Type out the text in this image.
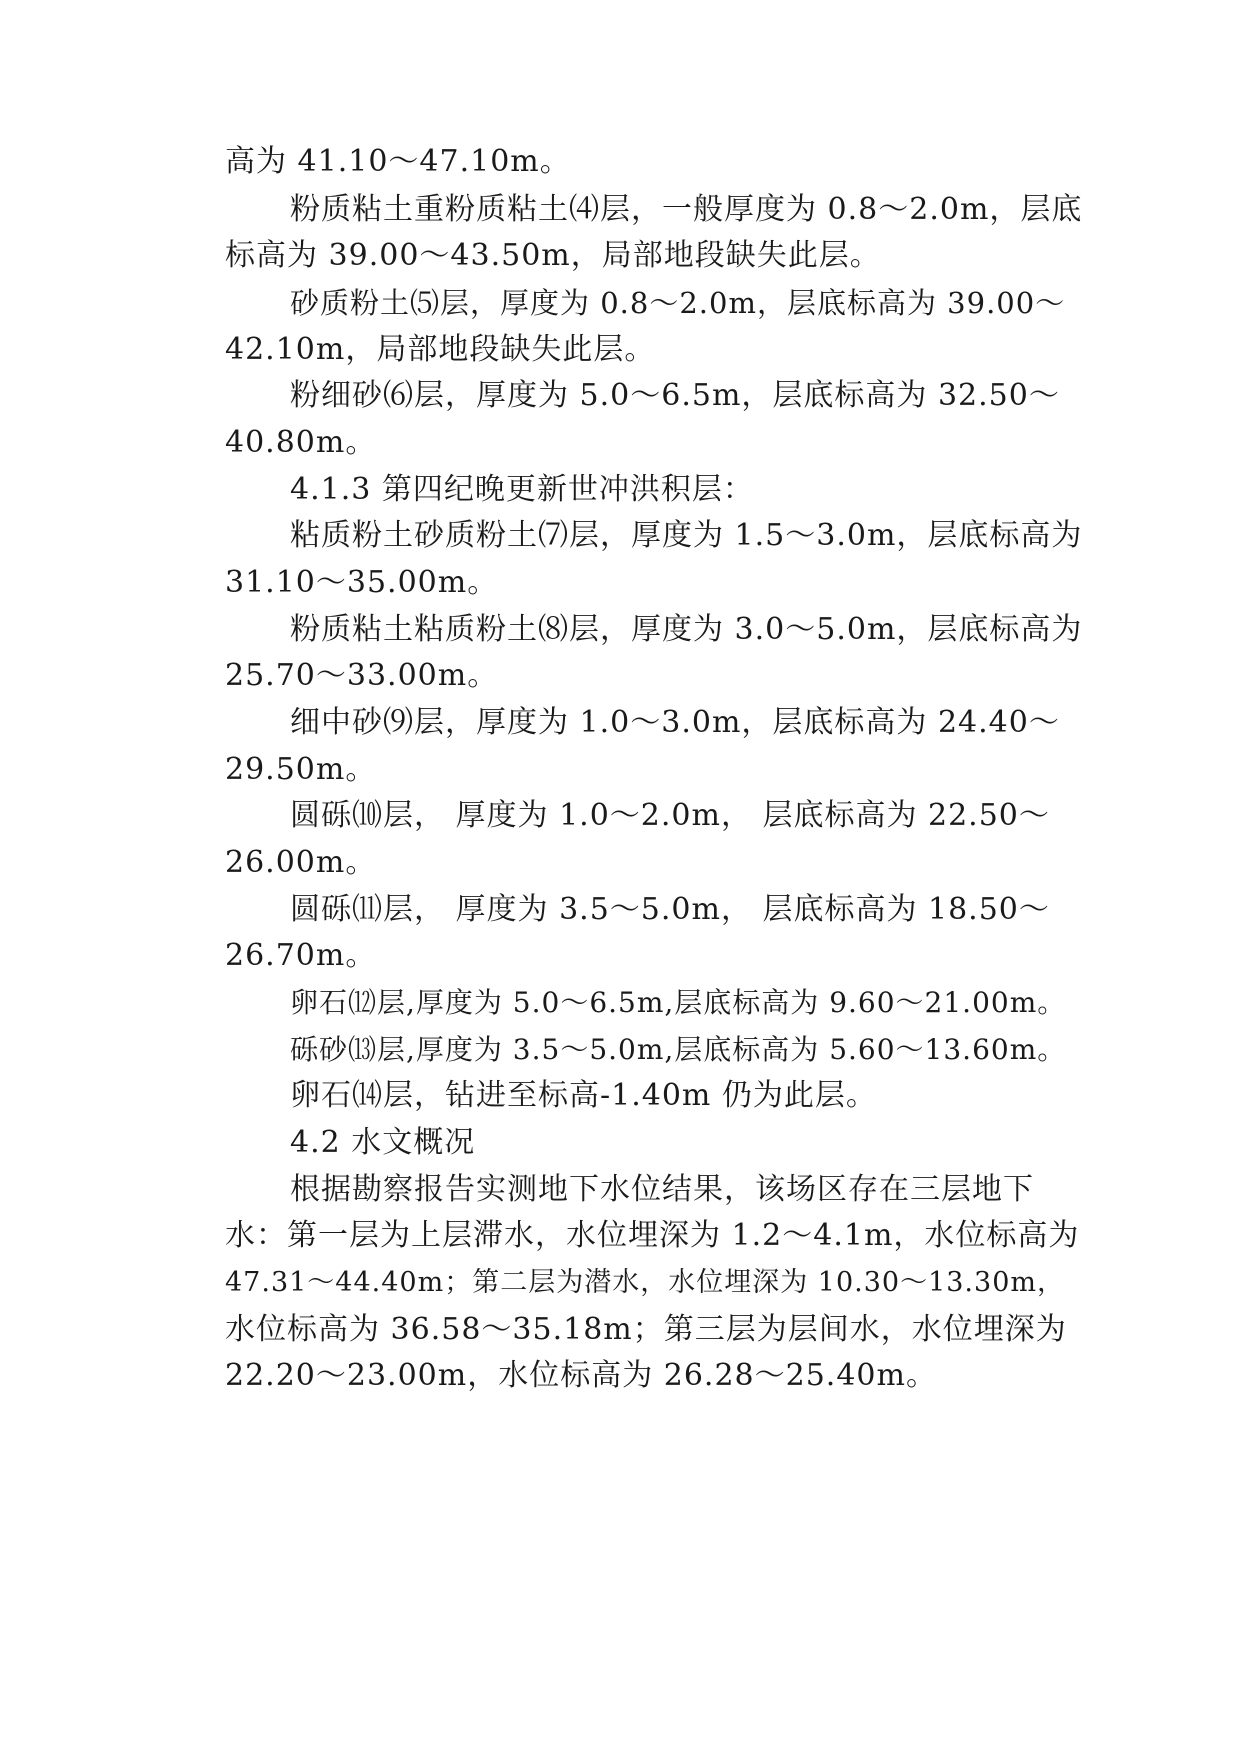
高为 41.10～47.10m。
粉质粘土重粉质粘土⑷层，一般厚度为 0.8～2.0m，层底
标高为 39.00～43.50m，局部地段缺失此层。
砂质粉土⑸层，厚度为 0.8～2.0m，层底标高为 39.00～
42.10m，局部地段缺失此层。
粉细砂⑹层，厚度为 5.0～6.5m，层底标高为 32.50～
40.80m。
4.1.3 第四纪晚更新世冲洪积层：
粘质粉土砂质粉土⑺层，厚度为 1.5～3.0m，层底标高为
31.10～35.00m。
粉质粘土粘质粉土⑻层，厚度为 3.0～5.0m，层底标高为
25.70～33.00m。
细中砂⑼层，厚度为 1.0～3.0m，层底标高为 24.40～
29.50m。
圆砾⑽层， 厚度为 1.0～2.0m， 层底标高为 22.50～
26.00m。
圆砾⑾层， 厚度为 3.5～5.0m， 层底标高为 18.50～
26.70m。
卵石⑿层,厚度为 5.0～6.5m,层底标高为 9.60～21.00m。
砾砂⒀层,厚度为 3.5～5.0m,层底标高为 5.60～13.60m。
卵石⒁层，钻进至标高-1.40m 仍为此层。
4.2 水文概况
根据勘察报告实测地下水位结果，该场区存在三层地下
水：第一层为上层滞水，水位埋深为 1.2～4.1m，水位标高为
47.31～44.40m；第二层为潜水，水位埋深为 10.30～13.30m，
水位标高为 36.58～35.18m；第三层为层间水，水位埋深为
22.20～23.00m，水位标高为 26.28～25.40m。
